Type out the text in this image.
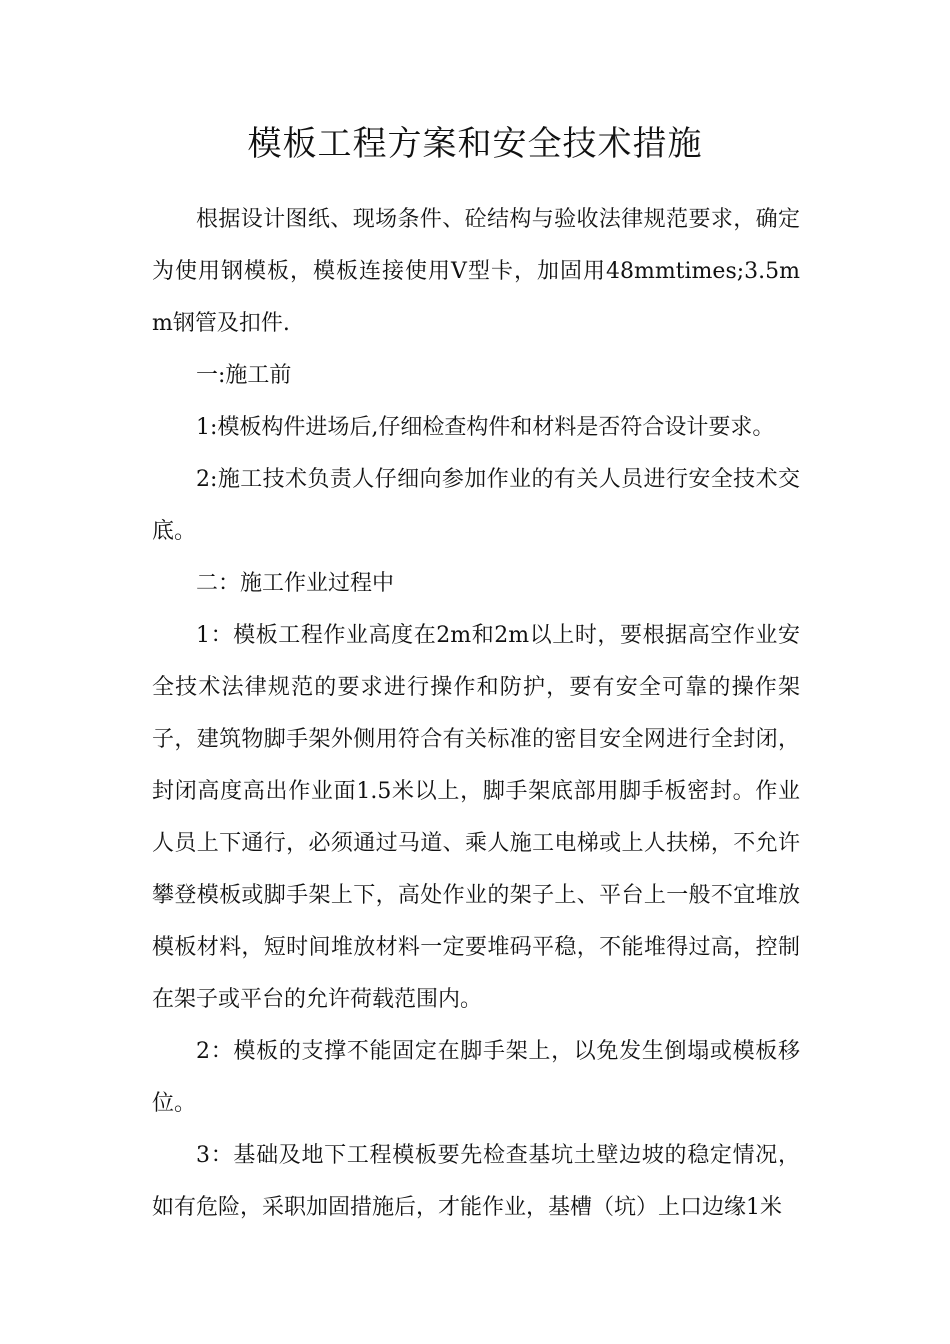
模板工程方案和安全技术措施

根据设计图纸、现场条件、砼结构与验收法律规范要求，确定为使用钢模板，模板连接使用V型卡，加固用48mmtimes;3.5mm钢管及扣件.

一:施工前

1:模板构件进场后,仔细检查构件和材料是否符合设计要求。

2:施工技术负责人仔细向参加作业的有关人员进行安全技术交底。

二：施工作业过程中

1：模板工程作业高度在2m和2m以上时，要根据高空作业安全技术法律规范的要求进行操作和防护，要有安全可靠的操作架子，建筑物脚手架外侧用符合有关标准的密目安全网进行全封闭，封闭高度高出作业面1.5米以上，脚手架底部用脚手板密封。作业人员上下通行，必须通过马道、乘人施工电梯或上人扶梯，不允许攀登模板或脚手架上下，高处作业的架子上、平台上一般不宜堆放模板材料，短时间堆放材料一定要堆码平稳，不能堆得过高，控制在架子或平台的允许荷载范围内。

2：模板的支撑不能固定在脚手架上，以免发生倒塌或模板移位。

3：基础及地下工程模板要先检查基坑土壁边坡的稳定情况，如有危险，采职加固措施后，才能作业，基槽（坑）上口边缘1米
